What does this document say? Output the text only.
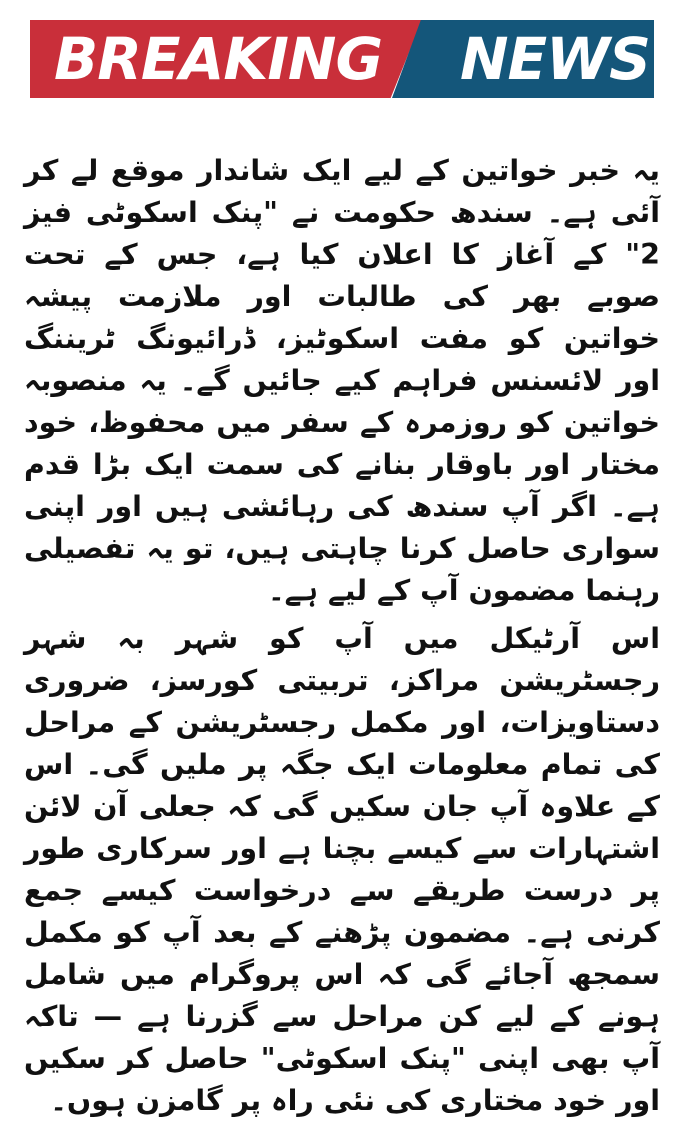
BREAKING NEWS

یہ خبر خواتین کے لیے ایک شاندار موقع لے کر آئی ہے۔ سندھ حکومت نے "پنک اسکوٹی فیز 2" کے آغاز کا اعلان کیا ہے، جس کے تحت صوبے بھر کی طالبات اور ملازمت پیشہ خواتین کو مفت اسکوٹیز، ڈرائیونگ ٹریننگ اور لائسنس فراہم کیے جائیں گے۔ یہ منصوبہ خواتین کو روزمرہ کے سفر میں محفوظ، خود مختار اور باوقار بنانے کی سمت ایک بڑا قدم ہے۔ اگر آپ سندھ کی رہائشی ہیں اور اپنی سواری حاصل کرنا چاہتی ہیں، تو یہ تفصیلی رہنما مضمون آپ کے لیے ہے۔

اس آرٹیکل میں آپ کو شہر بہ شہر رجسٹریشن مراکز، تربیتی کورسز، ضروری دستاویزات، اور مکمل رجسٹریشن کے مراحل کی تمام معلومات ایک جگہ پر ملیں گی۔ اس کے علاوہ آپ جان سکیں گی کہ جعلی آن لائن اشتہارات سے کیسے بچنا ہے اور سرکاری طور پر درست طریقے سے درخواست کیسے جمع کرنی ہے۔ مضمون پڑھنے کے بعد آپ کو مکمل سمجھ آجائے گی کہ اس پروگرام میں شامل ہونے کے لیے کن مراحل سے گزرنا ہے — تاکہ آپ بھی اپنی "پنک اسکوٹی" حاصل کر سکیں اور خود مختاری کی نئی راہ پر گامزن ہوں۔
